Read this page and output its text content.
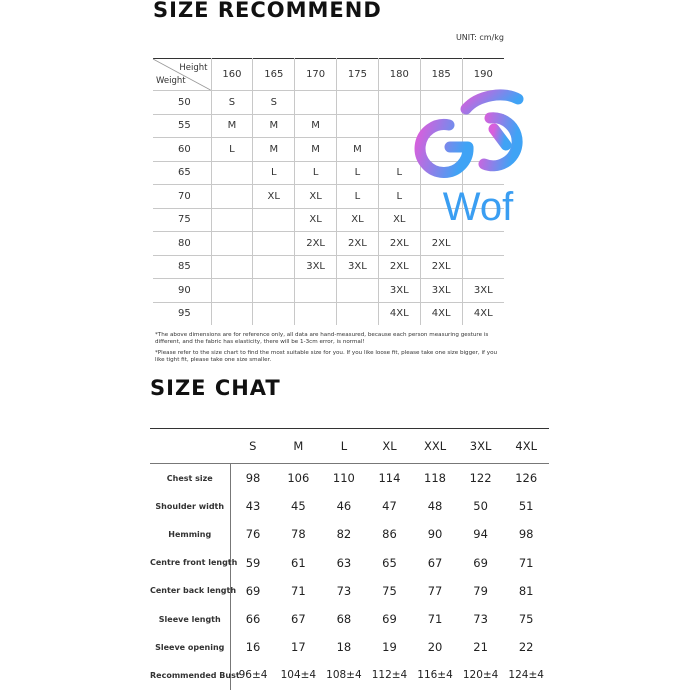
SIZE RECOMMEND
UNIT: cm/kg
Height
Weight	160	165	170	175	180	185	190
50	S	S					
55	M	M	M				
60	L	M	M	M			
65		L	L	L	L		
70		XL	XL	L	L		
75			XL	XL	XL		
80			2XL	2XL	2XL	2XL	
85			3XL	3XL	2XL	2XL	
90					3XL	3XL	3XL
95					4XL	4XL	4XL

*The above dimensions are for reference only, all data are hand-measured, because each person measuring gesture is different, and the fabric has elasticity, there will be 1-3cm error, is normal!

*Please refer to the size chart to find the most suitable size for you. If you like loose fit, please take one size bigger, if you like tight fit, please take one size smaller.

Wof
SIZE CHAT
	S	M	L	XL	XXL	3XL	4XL
Chest size	98	106	110	114	118	122	126
Shoulder width	43	45	46	47	48	50	51
Hemming	76	78	82	86	90	94	98
Centre front length	59	61	63	65	67	69	71
Center back length	69	71	73	75	77	79	81
Sleeve length	66	67	68	69	71	73	75
Sleeve opening	16	17	18	19	20	21	22
Recommended Bust	96±4	104±4	108±4	112±4	116±4	120±4	124±4
